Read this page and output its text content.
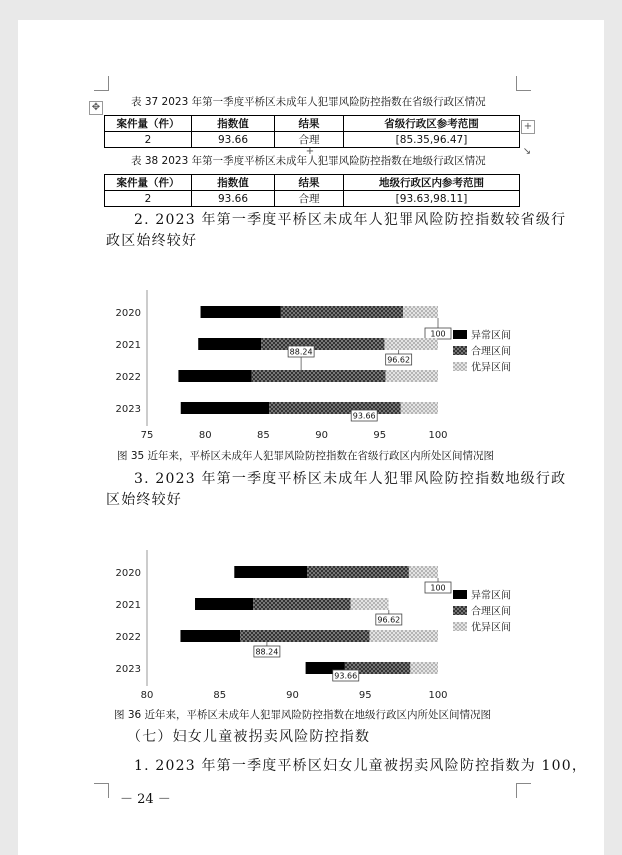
✥
+
+	↘
表 37 2023 年第一季度平桥区未成年人犯罪风险防控指数在省级行政区情况
案件量（件）	指数值	结果	省级行政区参考范围
2	93.66	合理	[85.35,96.47]
表 38 2023 年第一季度平桥区未成年人犯罪风险防控指数在地级行政区情况
案件量（件）	指数值	结果	地级行政区内参考范围
2	93.66	合理	[93.63,98.11]
2. 2023 年第一季度平桥区未成年人犯罪风险防控指数较省级行
政区始终较好
75	80	85	90	95	100
2020
100
2021
96.62
2022
88.24
2023
93.66
异常区间
合理区间
优异区间
图 35 近年来，平桥区未成年人犯罪风险防控指数在省级行政区内所处区间情况图
3. 2023 年第一季度平桥区未成年人犯罪风险防控指数地级行政
区始终较好
80	85	90	95	100
2020
100
2021
96.62
2022
88.24
2023
93.66
异常区间
合理区间
优异区间
图 36 近年来，平桥区未成年人犯罪风险防控指数在地级行政区内所处区间情况图
（七）妇女儿童被拐卖风险防控指数
1. 2023 年第一季度平桥区妇女儿童被拐卖风险防控指数为 100，
－ 24 －
